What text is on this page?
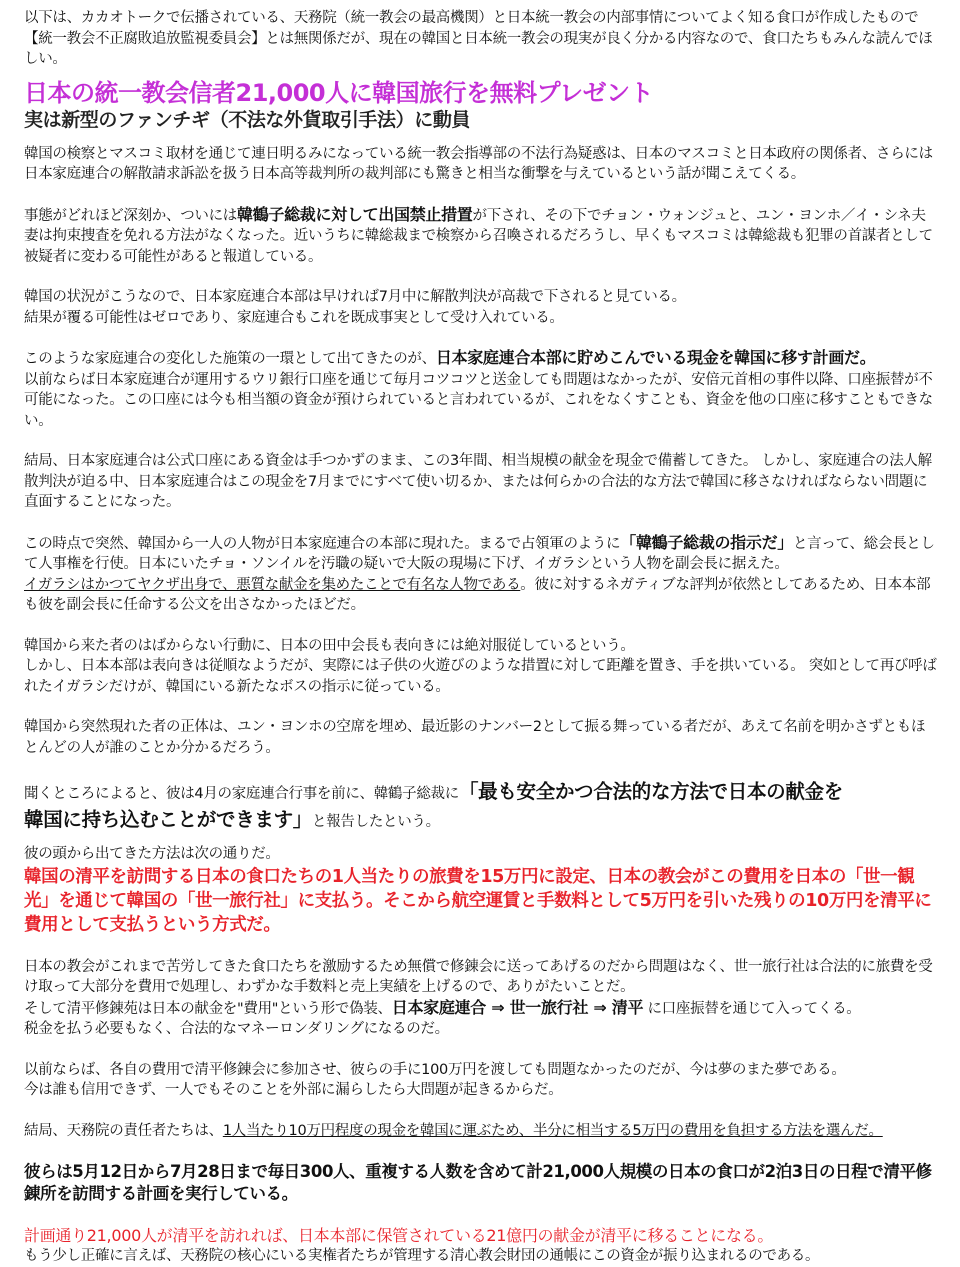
以下は、カカオトークで伝播されている、天務院（統一教会の最高機関）と日本統一教会の内部事情についてよく知る食口が作成したもので【統一教会不正腐敗追放監視委員会】とは無関係だが、現在の韓国と日本統一教会の現実が良く分かる内容なので、食口たちもみんな読んでほしい。

日本の統一教会信者21,000人に韓国旅行を無料プレゼント
実は新型のファンチギ（不法な外貨取引手法）に動員

韓国の検察とマスコミ取材を通じて連日明るみになっている統一教会指導部の不法行為疑惑は、日本のマスコミと日本政府の関係者、さらには日本家庭連合の解散請求訴訟を扱う日本高等裁判所の裁判部にも驚きと相当な衝撃を与えているという話が聞こえてくる。

事態がどれほど深刻か、ついには韓鶴子総裁に対して出国禁止措置が下され、その下でチョン・ウォンジュと、ユン・ヨンホ／イ・シネ夫妻は拘束捜査を免れる方法がなくなった。近いうちに韓総裁まで検察から召喚されるだろうし、早くもマスコミは韓総裁も犯罪の首謀者として被疑者に変わる可能性があると報道している。

韓国の状況がこうなので、日本家庭連合本部は早ければ7月中に解散判決が高裁で下されると見ている。

結果が覆る可能性はゼロであり、家庭連合もこれを既成事実として受け入れている。

このような家庭連合の変化した施策の一環として出てきたのが、日本家庭連合本部に貯めこんでいる現金を韓国に移す計画だ。
以前ならば日本家庭連合が運用するウリ銀行口座を通じて毎月コツコツと送金しても問題はなかったが、安倍元首相の事件以降、口座振替が不可能になった。この口座には今も相当額の資金が預けられていると言われているが、これをなくすことも、資金を他の口座に移すこともできない。

結局、日本家庭連合は公式口座にある資金は手つかずのまま、この3年間、相当規模の献金を現金で備蓄してきた。 しかし、家庭連合の法人解散判決が迫る中、日本家庭連合はこの現金を7月までにすべて使い切るか、または何らかの合法的な方法で韓国に移さなければならない問題に直面することになった。

この時点で突然、韓国から一人の人物が日本家庭連合の本部に現れた。まるで占領軍のように「韓鶴子総裁の指示だ」と言って、総会長として人事権を行使。日本にいたチョ・ソンイルを汚職の疑いで大阪の現場に下げ、イガラシという人物を副会長に据えた。
イガラシはかつてヤクザ出身で、悪質な献金を集めたことで有名な人物である。彼に対するネガティブな評判が依然としてあるため、日本本部も彼を副会長に任命する公文を出さなかったほどだ。

韓国から来た者のはばからない行動に、日本の田中会長も表向きには絶対服従しているという。

しかし、日本本部は表向きは従順なようだが、実際には子供の火遊びのような措置に対して距離を置き、手を拱いている。 突如として再び呼ばれたイガラシだけが、韓国にいる新たなボスの指示に従っている。

韓国から突然現れた者の正体は、ユン・ヨンホの空席を埋め、最近影のナンバー2として振る舞っている者だが、あえて名前を明かさずともほとんどの人が誰のことか分かるだろう。

聞くところによると、彼は4月の家庭連合行事を前に、韓鶴子総裁に「最も安全かつ合法的な方法で日本の献金を
韓国に持ち込むことができます」と報告したという。

彼の頭から出てきた方法は次の通りだ。

韓国の清平を訪問する日本の食口たちの1人当たりの旅費を15万円に設定、日本の教会がこの費用を日本の「世一観光」を通じて韓国の「世一旅行社」に支払う。そこから航空運賃と手数料として5万円を引いた残りの10万円を清平に費用として支払うという方式だ。

日本の教会がこれまで苦労してきた食口たちを激励するため無償で修錬会に送ってあげるのだから問題はなく、世一旅行社は合法的に旅費を受け取って大部分を費用で処理し、わずかな手数料と売上実績を上げるので、ありがたいことだ。

そして清平修錬苑は日本の献金を"費用"という形で偽装、日本家庭連合 ⇒ 世一旅行社 ⇒ 清平 に口座振替を通じて入ってくる。

税金を払う必要もなく、合法的なマネーロンダリングになるのだ。

以前ならば、各自の費用で清平修錬会に参加させ、彼らの手に100万円を渡しても問題なかったのだが、今は夢のまた夢である。

今は誰も信用できず、一人でもそのことを外部に漏らしたら大問題が起きるからだ。

結局、天務院の責任者たちは、1人当たり10万円程度の現金を韓国に運ぶため、半分に相当する5万円の費用を負担する方法を選んだ。

彼らは5月12日から7月28日まで毎日300人、重複する人数を含めて計21,000人規模の日本の食口が2泊3日の日程で清平修錬所を訪問する計画を実行している。

計画通り21,000人が清平を訪れれば、日本本部に保管されている21億円の献金が清平に移ることになる。

もう少し正確に言えば、天務院の核心にいる実権者たちが管理する清心教会財団の通帳にこの資金が振り込まれるのである。
